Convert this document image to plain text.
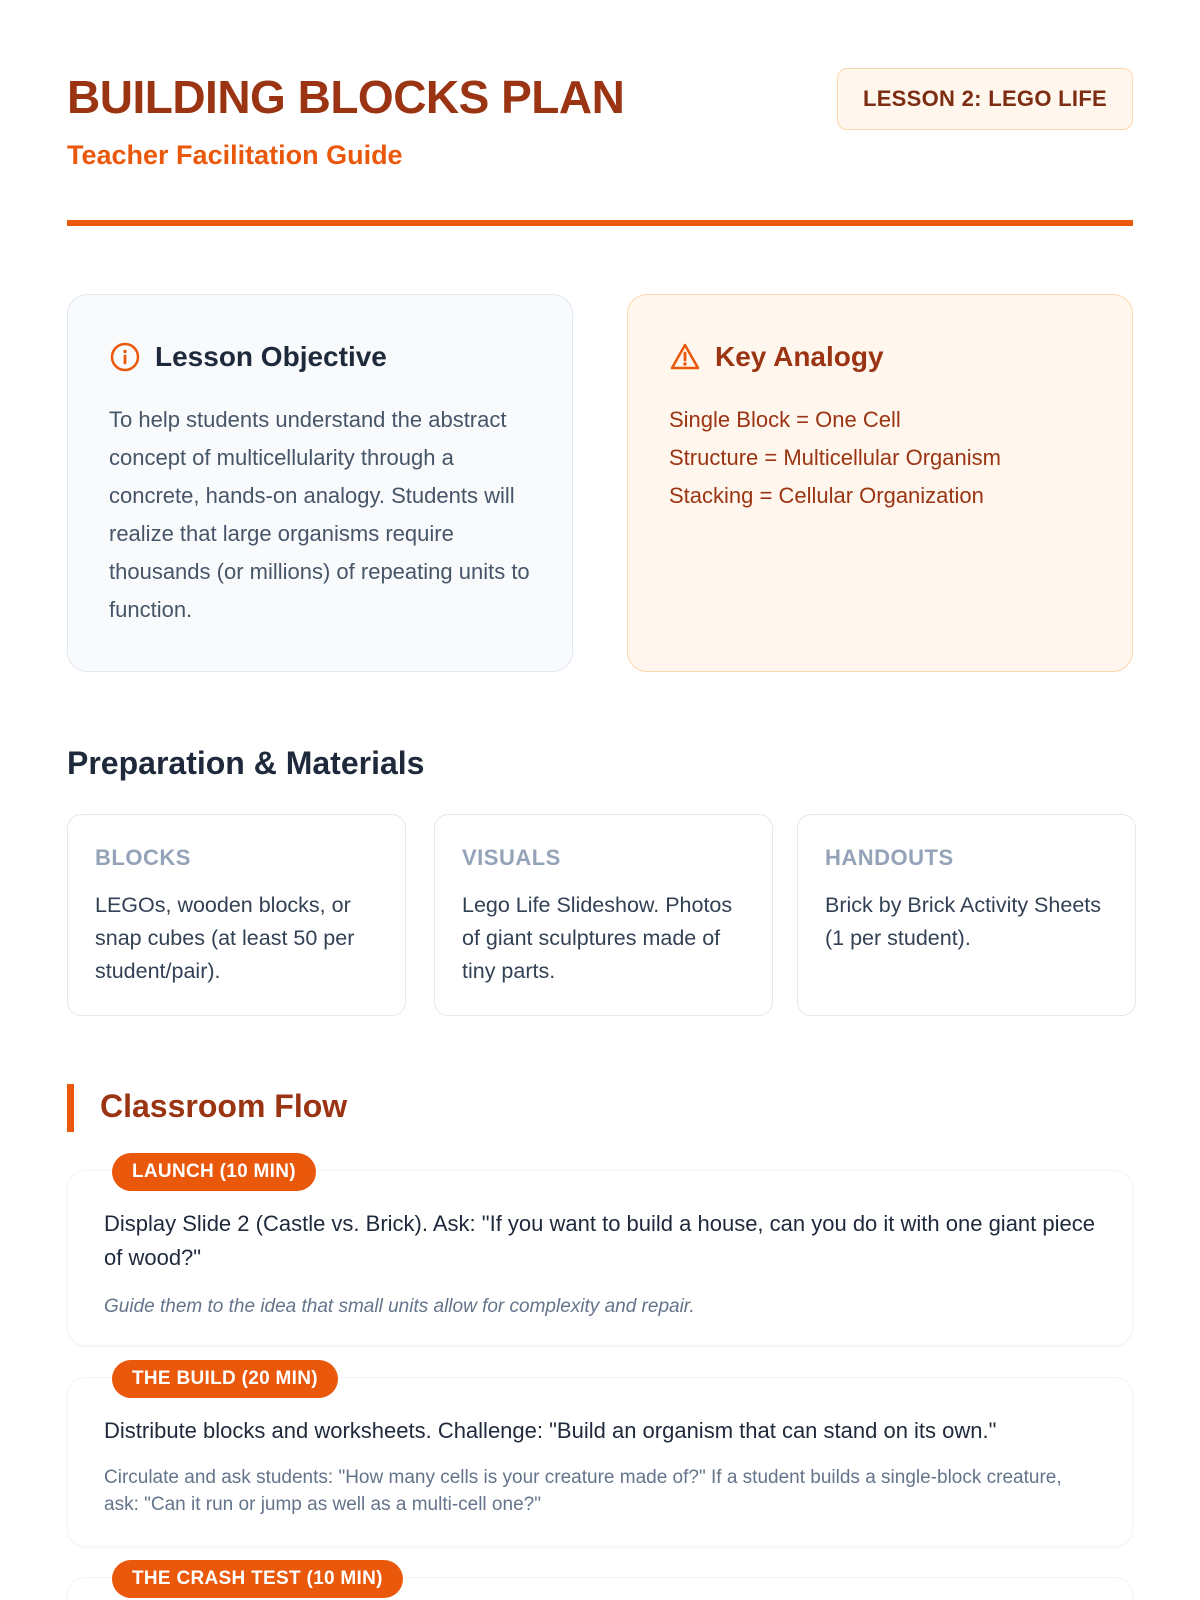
BUILDING BLOCKS PLAN
Teacher Facilitation Guide
LESSON 2: LEGO LIFE
Lesson Objective

To help students understand the abstract concept of multicellularity through a concrete, hands-on analogy. Students will realize that large organisms require thousands (or millions) of repeating units to function.

Key Analogy
Single Block = One Cell
Structure = Multicellular Organism
Stacking = Cellular Organization
Preparation & Materials
BLOCKS
LEGOs, wooden blocks, or snap cubes (at least 50 per student/pair).
VISUALS
Lego Life Slideshow. Photos of giant sculptures made of tiny parts.
HANDOUTS
Brick by Brick Activity Sheets (1 per student).
Classroom Flow
LAUNCH (10 MIN)
Display Slide 2 (Castle vs. Brick). Ask: "If you want to build a house, can you do it with one giant piece of wood?"
Guide them to the idea that small units allow for complexity and repair.
THE BUILD (20 MIN)
Distribute blocks and worksheets. Challenge: "Build an organism that can stand on its own."
Circulate and ask students: "How many cells is your creature made of?" If a student builds a single-block creature, ask: "Can it run or jump as well as a multi-cell one?"
THE CRASH TEST (10 MIN)
